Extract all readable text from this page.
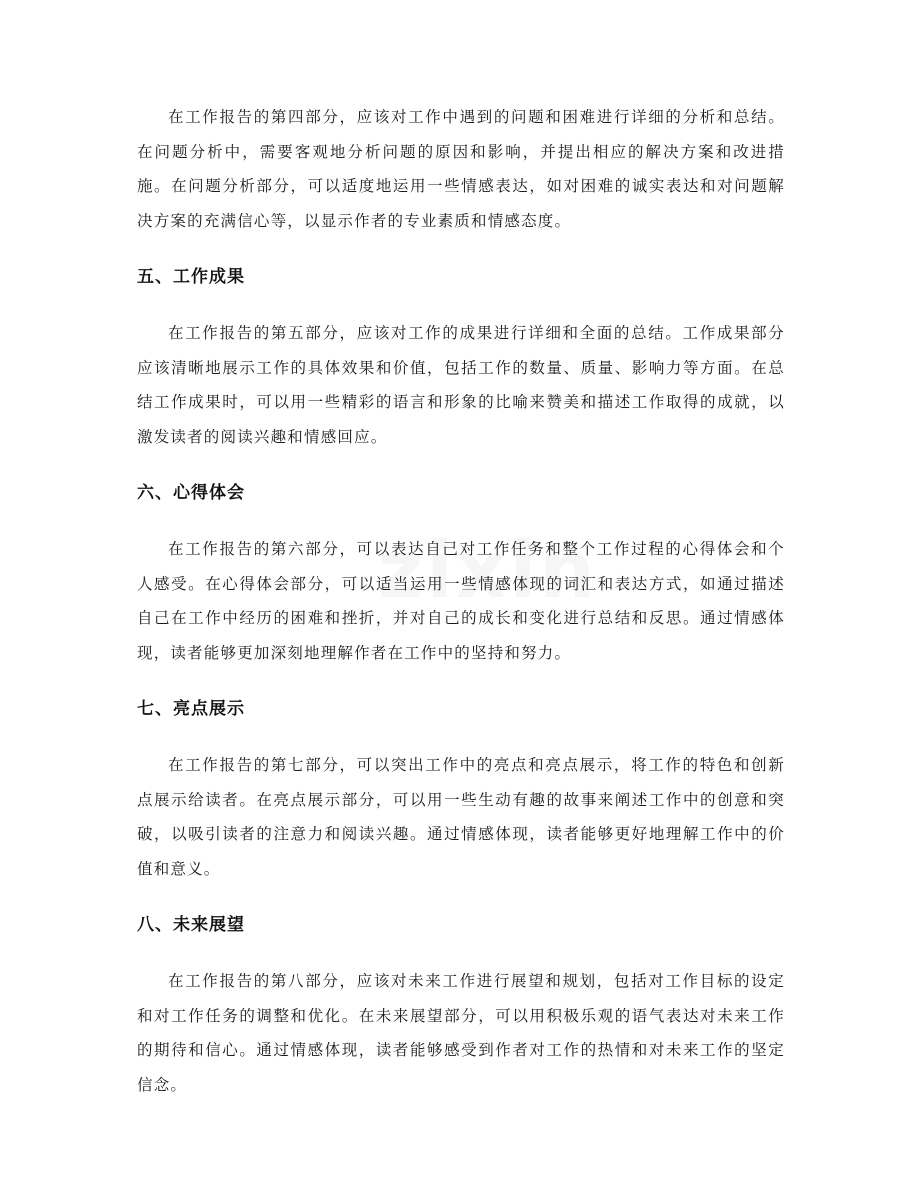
在工作报告的第四部分，应该对工作中遇到的问题和困难进行详细的分析和总结。在问题分析中，需要客观地分析问题的原因和影响，并提出相应的解决方案和改进措施。在问题分析部分，可以适度地运用一些情感表达，如对困难的诚实表达和对问题解决方案的充满信心等，以显示作者的专业素质和情感态度。

五、工作成果

在工作报告的第五部分，应该对工作的成果进行详细和全面的总结。工作成果部分应该清晰地展示工作的具体效果和价值，包括工作的数量、质量、影响力等方面。在总结工作成果时，可以用一些精彩的语言和形象的比喻来赞美和描述工作取得的成就，以激发读者的阅读兴趣和情感回应。

六、心得体会

在工作报告的第六部分，可以表达自己对工作任务和整个工作过程的心得体会和个人感受。在心得体会部分，可以适当运用一些情感体现的词汇和表达方式，如通过描述自己在工作中经历的困难和挫折，并对自己的成长和变化进行总结和反思。通过情感体现，读者能够更加深刻地理解作者在工作中的坚持和努力。

七、亮点展示

在工作报告的第七部分，可以突出工作中的亮点和亮点展示，将工作的特色和创新点展示给读者。在亮点展示部分，可以用一些生动有趣的故事来阐述工作中的创意和突破，以吸引读者的注意力和阅读兴趣。通过情感体现，读者能够更好地理解工作中的价值和意义。

八、未来展望

在工作报告的第八部分，应该对未来工作进行展望和规划，包括对工作目标的设定和对工作任务的调整和优化。在未来展望部分，可以用积极乐观的语气表达对未来工作的期待和信心。通过情感体现，读者能够感受到作者对工作的热情和对未来工作的坚定信念。
